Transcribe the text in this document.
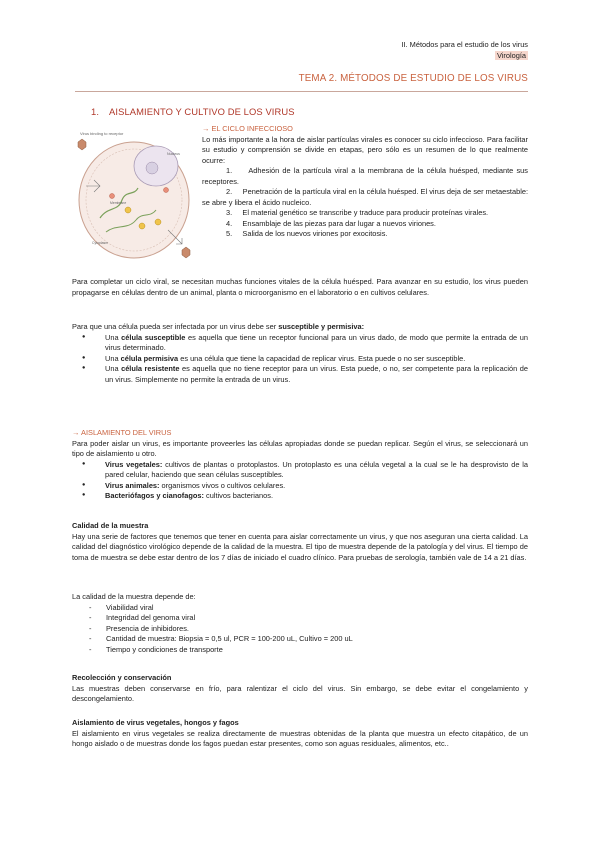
II. Métodos para el estudio de los virus
Virología
TEMA 2. MÉTODOS DE ESTUDIO DE LOS VIRUS
1. AISLAMIENTO Y CULTIVO DE LOS VIRUS
Virus binding to receptor
Nucleus
Membrane
Cytoplasm
→ EL CICLO INFECCIOSO

Lo más importante a la hora de aislar partículas virales es conocer su ciclo infeccioso. Para facilitar su estudio y comprensión se divide en etapas, pero sólo es un resumen de lo que realmente ocurre:

1.     Adhesión de la partícula viral a la membrana de la célula huésped, mediante sus receptores.
2.     Penetración de la partícula viral en la célula huésped. El virus deja de ser metaestable: se abre y libera el ácido nucleico.
3.     El material genético se transcribe y traduce para producir proteínas virales.
4.     Ensamblaje de las piezas para dar lugar a nuevos viriones.
5.     Salida de los nuevos viriones por exocitosis.

Para completar un ciclo viral, se necesitan muchas funciones vitales de la célula huésped. Para avanzar en su estudio, los virus pueden propagarse en células dentro de un animal, planta o microorganismo en el laboratorio o en cultivos celulares.

Para que una célula pueda ser infectada por un virus debe ser susceptible y permisiva:

● Una célula susceptible es aquella que tiene un receptor funcional para un virus dado, de modo que permite la entrada de un virus determinado.
● Una célula permisiva es una célula que tiene la capacidad de replicar virus. Esta puede o no ser susceptible.
● Una célula resistente es aquella que no tiene receptor para un virus. Esta puede, o no, ser competente para la replicación de un virus. Simplemente no permite la entrada de un virus.
→ AISLAMIENTO DEL VIRUS

Para poder aislar un virus, es importante proveerles las células apropiadas donde se puedan replicar. Según el virus, se seleccionará un tipo de aislamiento u otro.

● Virus vegetales: cultivos de plantas o protoplastos. Un protoplasto es una célula vegetal a la cual se le ha desprovisto de la pared celular, haciendo que sean células susceptibles.
● Virus animales: organismos vivos o cultivos celulares.
● Bacteriófagos y cianofagos: cultivos bacterianos.
Calidad de la muestra

Hay una serie de factores que tenemos que tener en cuenta para aislar correctamente un virus, y que nos aseguran una cierta calidad. La calidad del diagnóstico virológico depende de la calidad de la muestra. El tipo de muestra depende de la patología y del virus. El tiempo de toma de muestra se debe estar dentro de los 7 días de iniciado el cuadro clínico. Para pruebas de serología, también vale de 14 a 21 días.

La calidad de la muestra depende de:
- Viabilidad viral
- Integridad del genoma viral
- Presencia de inhibidores.
- Cantidad de muestra: Biopsia = 0,5 ul, PCR = 100-200 uL, Cultivo = 200 uL
- Tiempo y condiciones de transporte
Recolección y conservación

Las muestras deben conservarse en frío, para ralentizar el ciclo del virus. Sin embargo, se debe evitar el congelamiento y descongelamiento.

Aislamiento de virus vegetales, hongos y fagos

El aislamiento en virus vegetales se realiza directamente de muestras obtenidas de la planta que muestra un efecto citapático, de un hongo aislado o de muestras donde los fagos puedan estar presentes, como son aguas residuales, alimentos, etc..
